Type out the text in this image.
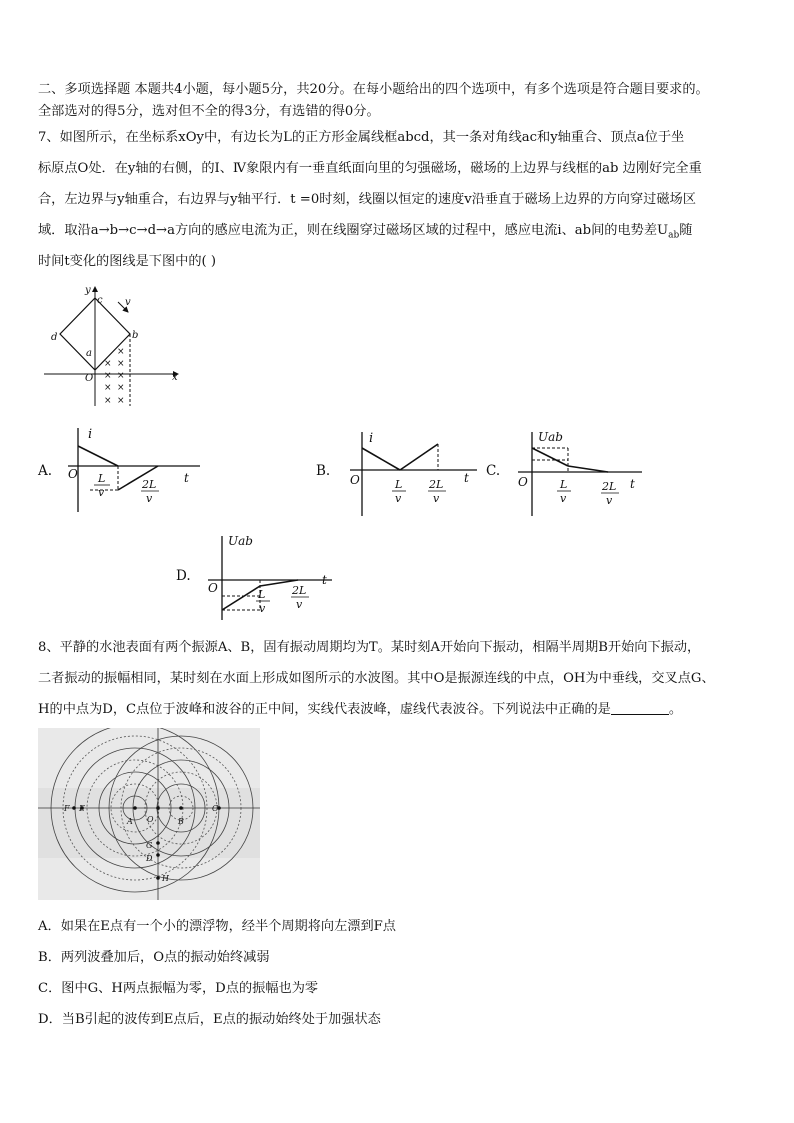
二、多项选择题 本题共4小题，每小题5分，共20分。在每小题给出的四个选项中，有多个选项是符合题目要求的。
全部选对的得5分，选对但不全的得3分，有选错的得0分。
7、如图所示，在坐标系xOy中，有边长为L的正方形金属线框abcd，其一条对角线ac和y轴重合、顶点a位于坐
标原点O处．在y轴的右侧，的Ⅰ、Ⅳ象限内有一垂直纸面向里的匀强磁场，磁场的上边界与线框的ab 边刚好完全重
合，左边界与y轴重合，右边界与y轴平行．t =0时刻，线圈以恒定的速度v沿垂直于磁场上边界的方向穿过磁场区
域．取沿a→b→c→d→a方向的感应电流为正，则在线圈穿过磁场区域的过程中，感应电流i、ab间的电势差$U_{ab}$随
时间t变化的图线是下图中的( )
x
y
v
c
b
d
a
O
×
× ×
× ×
× ×
× ×
A.
i
O	t
L
v
2L
v
B.
i
O	t
L
v
2L
v
C.
Uab
O	t
L
v
2L
v
D.
Uab
O
t
L
v
2L
v
8、平静的水池表面有两个振源A、B，固有振动周期均为T。某时刻A开始向下振动，相隔半周期B开始向下振动，
二者振动的振幅相同，某时刻在水面上形成如图所示的水波图。其中O是振源连线的中点，OH为中垂线，交叉点G、
H的中点为D，C点位于波峰和波谷的正中间，实线代表波峰，虚线代表波谷。下列说法中正确的是	。
A	B
O
C
F E
G
D
H
A．如果在E点有一个小的漂浮物，经半个周期将向左漂到F点
B．两列波叠加后，O点的振动始终减弱
C．图中G、H两点振幅为零，D点的振幅也为零
D．当B引起的波传到E点后，E点的振动始终处于加强状态
